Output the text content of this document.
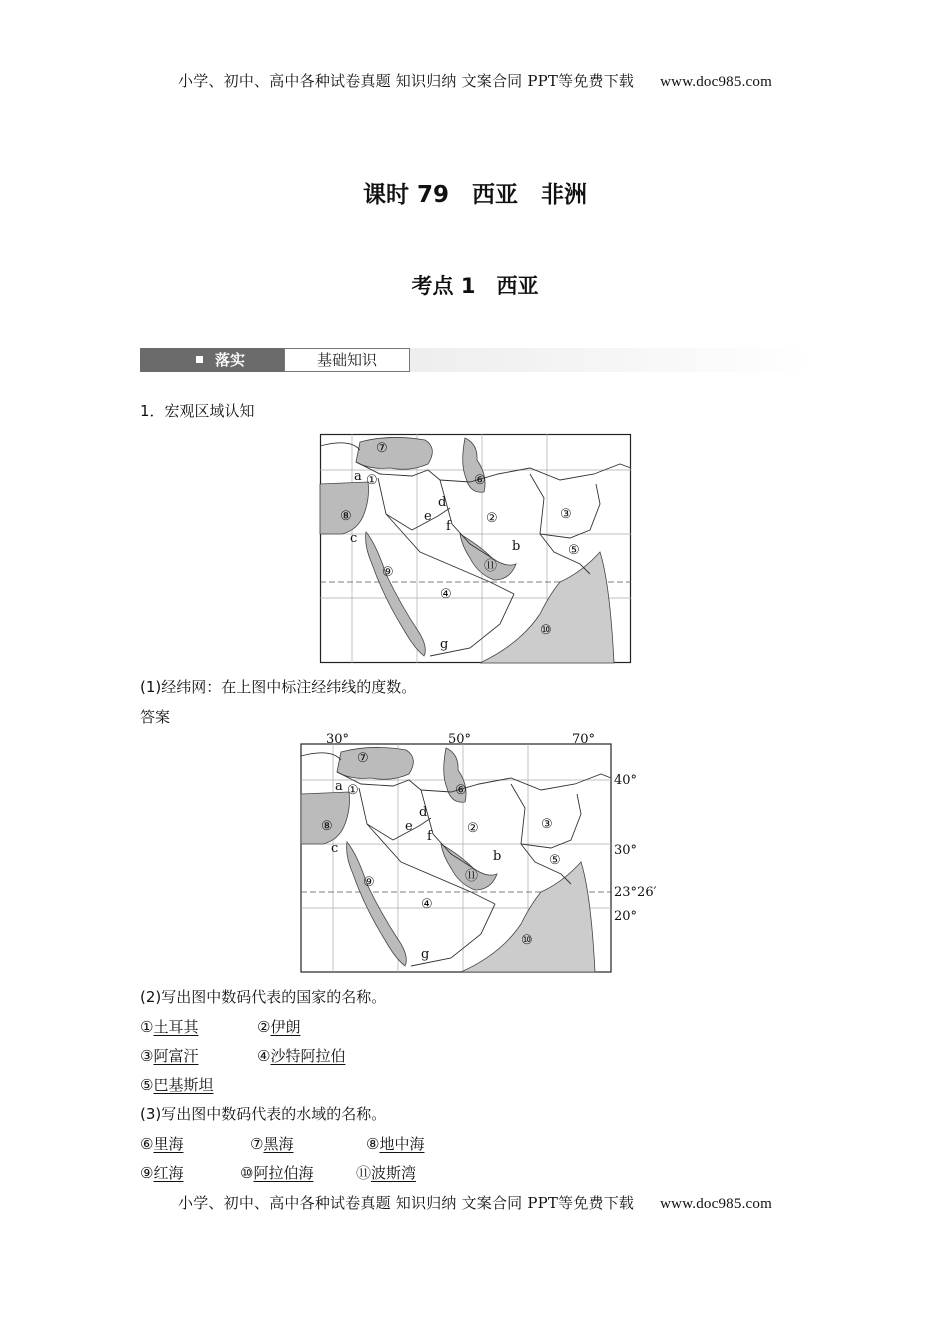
小学、初中、高中各种试卷真题 知识归纳 文案合同 PPT等免费下载 www.doc985.com
课时 79　西亚　非洲
考点 1　西亚
落实	基础知识
1．宏观区域认知
⑦
a ①	⑥
⑧
d
e
f
②	③
c
b	⑤
⑪
⑨
④
g
⑩
(1)经纬网：在上图中标注经纬线的度数。
答案
30°	50°	70°
40°
30°
23°26′
20°
⑦
a ①	⑥
⑧
d
e
f
②	③
c
b	⑤
⑪
⑨
④
g
⑩
(2)写出图中数码代表的国家的名称。
①土耳其	②伊朗
③阿富汗	④沙特阿拉伯
⑤巴基斯坦
(3)写出图中数码代表的水域的名称。
⑥里海	⑦黑海	⑧地中海
⑨红海	⑩阿拉伯海	⑪波斯湾
小学、初中、高中各种试卷真题 知识归纳 文案合同 PPT等免费下载 www.doc985.com
